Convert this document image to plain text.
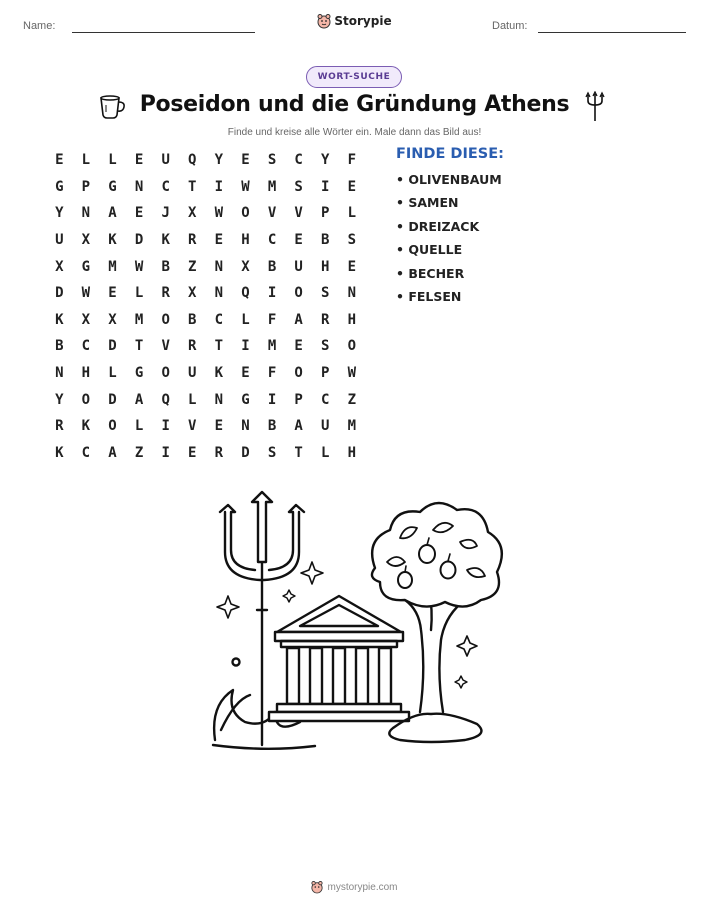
Name:	Storypie	Datum:
WORT-SUCHE
Poseidon und die Gründung Athens
Finde und kreise alle Wörter ein. Male dann das Bild aus!
E	L	L	E	U	Q	Y	E	S	C	Y	F
G	P	G	N	C	T	I	W	M	S	I	E
Y	N	A	E	J	X	W	O	V	V	P	L
U	X	K	D	K	R	E	H	C	E	B	S
X	G	M	W	B	Z	N	X	B	U	H	E
D	W	E	L	R	X	N	Q	I	O	S	N
K	X	X	M	O	B	C	L	F	A	R	H
B	C	D	T	V	R	T	I	M	E	S	O
N	H	L	G	O	U	K	E	F	O	P	W
Y	O	D	A	Q	L	N	G	I	P	C	Z
R	K	O	L	I	V	E	N	B	A	U	M
K	C	A	Z	I	E	R	D	S	T	L	H
FINDE DIESE:
• OLIVENBAUM
• SAMEN
• DREIZACK
• QUELLE
• BECHER
• FELSEN
mystorypie.com
